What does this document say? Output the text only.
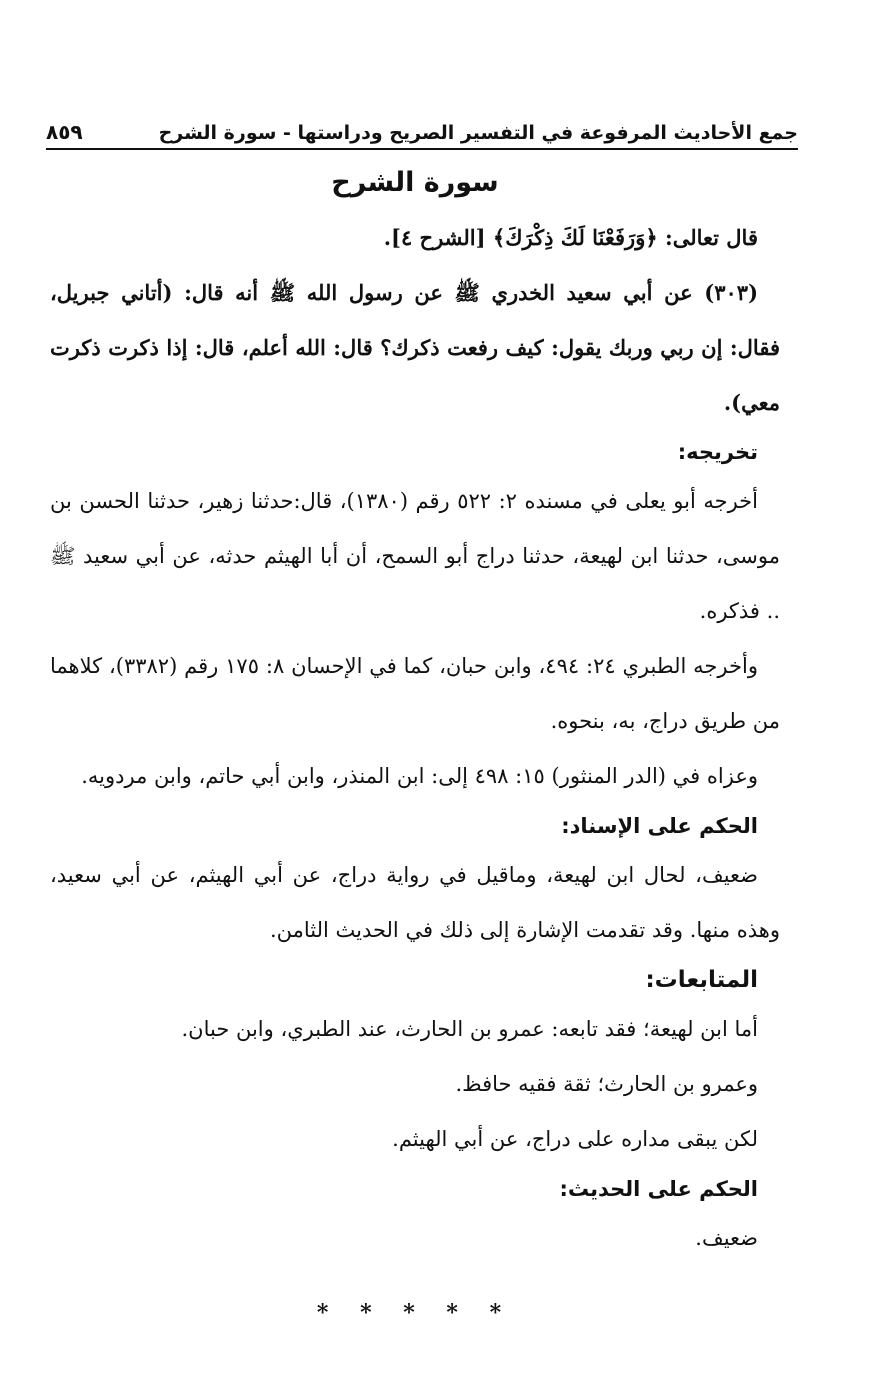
جمع الأحاديث المرفوعة في التفسير الصريح ودراستها - سورة الشرح
٨٥٩
سورة الشرح

قال تعالى: ﴿وَرَفَعْنَا لَكَ ذِكْرَكَ﴾ [الشرح ٤].

(٣٠٣) عن أبي سعيد الخدري ﷺ عن رسول الله ﷺ أنه قال: (أتاني جبريل، فقال: إن ربي وربك يقول: كيف رفعت ذكرك؟ قال: الله أعلم، قال: إذا ذكرت ذكرت معي).

تخريجه:

أخرجه أبو يعلى في مسنده ٢: ٥٢٢ رقم (١٣٨٠)، قال:حدثنا زهير، حدثنا الحسن بن موسى، حدثنا ابن لهيعة، حدثنا دراج أبو السمح، أن أبا الهيثم حدثه، عن أبي سعيد ﷺ .. فذكره.

وأخرجه الطبري ٢٤: ٤٩٤، وابن حبان، كما في الإحسان ٨: ١٧٥ رقم (٣٣٨٢)، كلاهما من طريق دراج، به، بنحوه.

وعزاه في (الدر المنثور) ١٥: ٤٩٨ إلى: ابن المنذر، وابن أبي حاتم، وابن مردويه.

الحكم على الإسناد:

ضعيف، لحال ابن لهيعة، وماقيل في رواية دراج، عن أبي الهيثم، عن أبي سعيد، وهذه منها. وقد تقدمت الإشارة إلى ذلك في الحديث الثامن.

المتابعات:

أما ابن لهيعة؛ فقد تابعه: عمرو بن الحارث، عند الطبري، وابن حبان.

وعمرو بن الحارث؛ ثقة فقيه حافظ.

لكن يبقى مداره على دراج، عن أبي الهيثم.

الحكم على الحديث:

ضعيف.

* * * * *
